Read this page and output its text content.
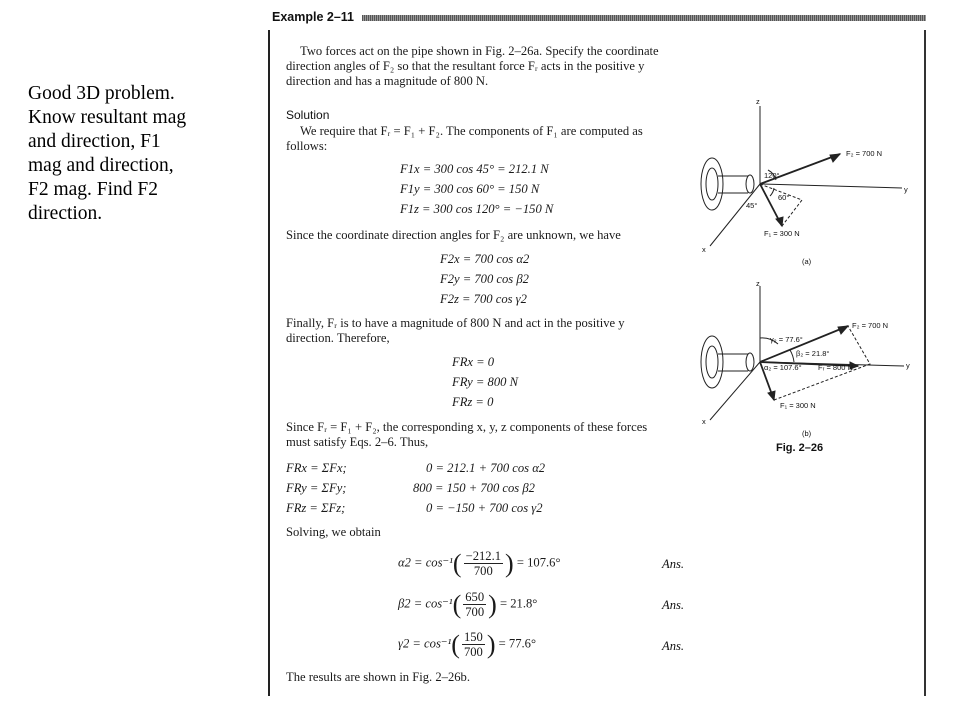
Good 3D problem.
Know resultant mag
and direction, F1
mag and direction,
F2 mag. Find F2
direction.
Example 2–11
Two forces act on the pipe shown in Fig. 2–26a. Specify the coordinate
direction angles of F₂ so that the resultant force Fᵣ acts in the positive y
direction and has a magnitude of 800 N.
Solution
We require that Fᵣ = F₁ + F₂. The components of F₁ are computed as
follows:
F1x = 300 cos 45° = 212.1 N
F1y = 300 cos 60° = 150 N
F1z = 300 cos 120° = −150 N
Since the coordinate direction angles for F₂ are unknown, we have
F2x = 700 cos α2
F2y = 700 cos β2
F2z = 700 cos γ2
Finally, Fᵣ is to have a magnitude of 800 N and act in the positive y
direction. Therefore,
FRx = 0
FRy = 800 N
FRz = 0
Since Fᵣ = F₁ + F₂, the corresponding x, y, z components of these forces
must satisfy Eqs. 2–6. Thus,
FRx = ΣFx;	0 = 212.1 + 700 cos α2
FRy = ΣFy;	800 = 150 + 700 cos β2
FRz = ΣFz;	0 = −150 + 700 cos γ2
Solving, we obtain
$\alpha 2 = \cos^{-1}( \frac{-212.1}{700}$ ) = 107.6°	Ans.
$\beta 2 = \cos^{-1}( \frac{650}{700}$ ) = 21.8°	Ans.
$\gamma 2 = \cos^{-1}( \frac{150}{700}$ ) = 77.6°	Ans.
The results are shown in Fig. 2–26b.
z
y
x
F₂ = 700 N
F₁ = 300 N
120°
60°
45°
(a)
z
y
x
F₂ = 700 N
F₁ = 300 N
γ₂ = 77.6°
β₂ = 21.8°
α₂ = 107.6° Fᵣ = 800 N
(b)
Fig. 2–26
